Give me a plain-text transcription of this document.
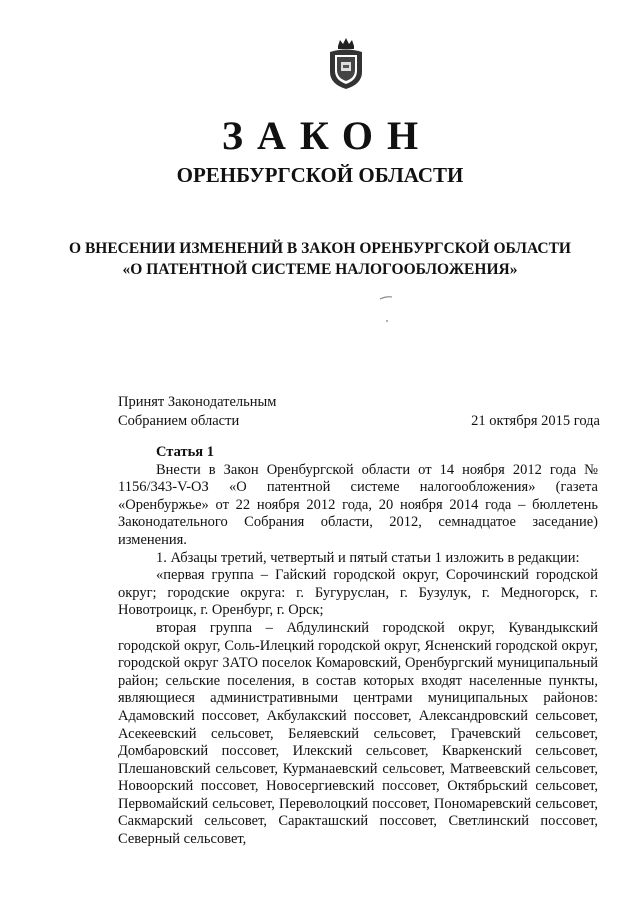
ЗАКОН
ОРЕНБУРГСКОЙ ОБЛАСТИ
О ВНЕСЕНИИ ИЗМЕНЕНИЙ В ЗАКОН ОРЕНБУРГСКОЙ ОБЛАСТИ
«О ПАТЕНТНОЙ СИСТЕМЕ НАЛОГООБЛОЖЕНИЯ»
Принят Законодательным
Собранием области	21 октября 2015 года

Статья 1

Внести в Закон Оренбургской области от 14 ноября 2012 года № 1156/343-V-ОЗ «О патентной системе налогообложения» (газета «Оренбуржье» от 22 ноября 2012 года, 20 ноября 2014 года – бюллетень Законодательного Собрания области, 2012, семнадцатое заседание) изменения.

1. Абзацы третий, четвертый и пятый статьи 1 изложить в редакции:

«первая группа – Гайский городской округ, Сорочинский городской округ; городские округа: г. Бугуруслан, г. Бузулук, г. Медногорск, г. Новотроицк, г. Оренбург, г. Орск;

вторая группа – Абдулинский городской округ, Кувандыкский городской округ, Соль-Илецкий городской округ, Ясненский городской округ, городской округ ЗАТО поселок Комаровский, Оренбургский муниципальный район; сельские поселения, в состав которых входят населенные пункты, являющиеся административными центрами муниципальных районов: Адамовский поссовет, Акбулакский поссовет, Александровский сельсовет, Асекеевский сельсовет, Беляевский сельсовет, Грачевский сельсовет, Домбаровский поссовет, Илекский сельсовет, Кваркенский сельсовет, Плешановский сельсовет, Курманаевский сельсовет, Матвеевский сельсовет, Новоорский поссовет, Новосергиевский поссовет, Октябрьский сельсовет, Первомайский сельсовет, Переволоцкий поссовет, Пономаревский сельсовет, Сакмарский сельсовет, Саракташский поссовет, Светлинский поссовет, Северный сельсовет,
